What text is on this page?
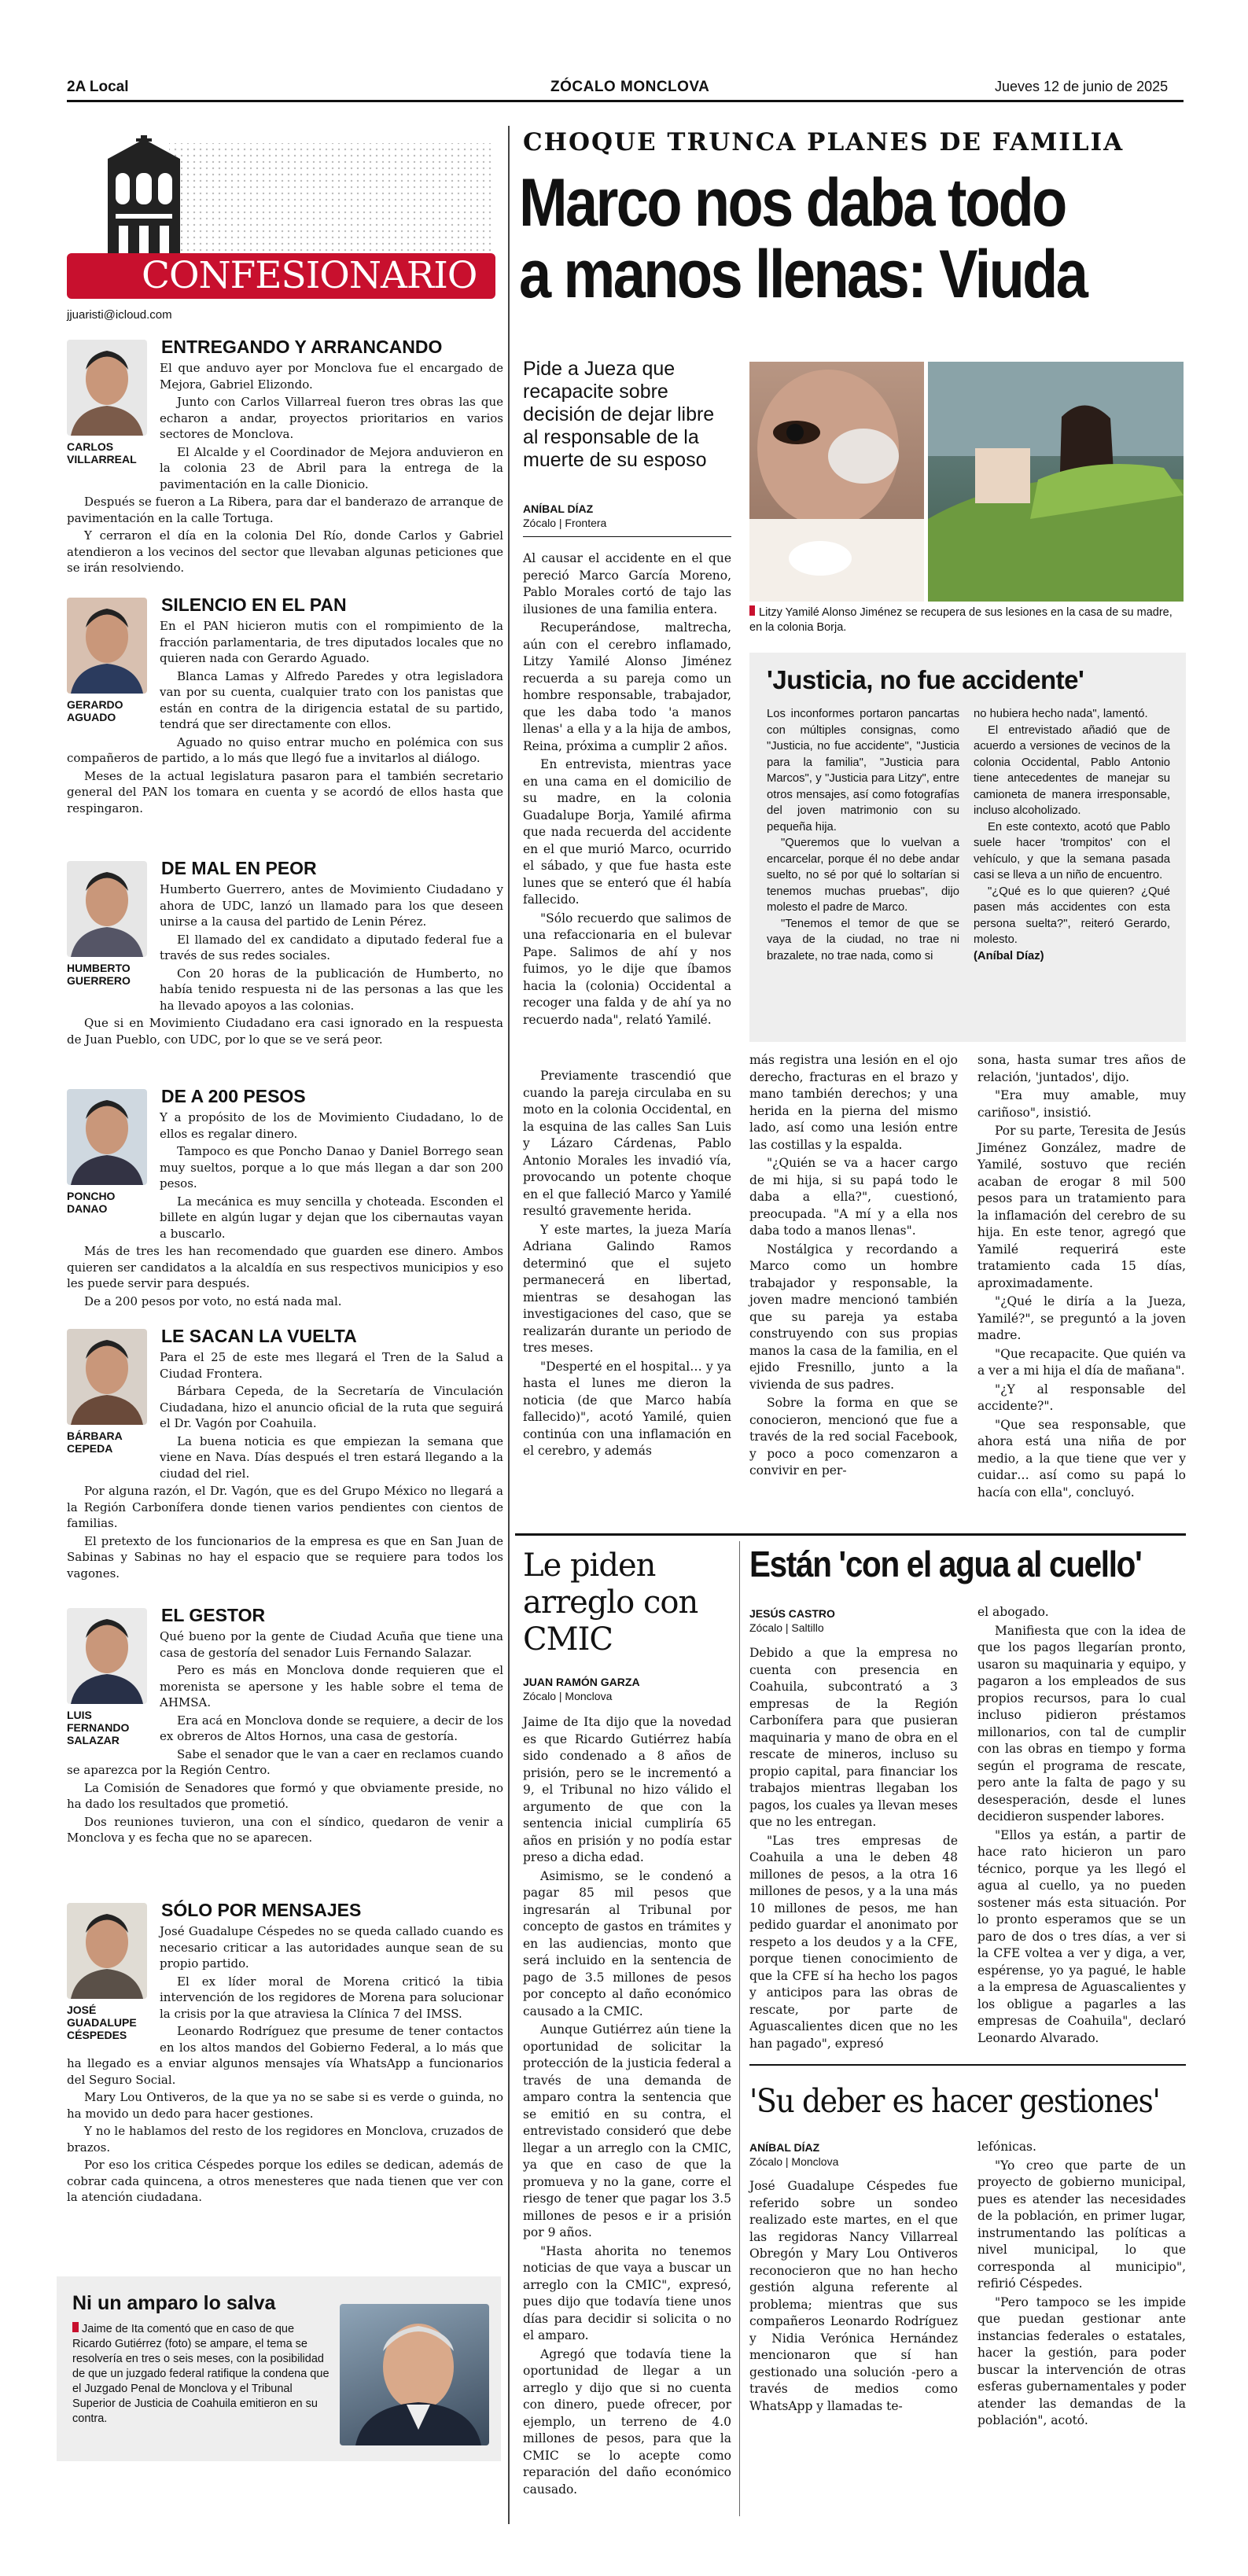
2A Local	ZÓCALO MONCLOVA	Jueves 12 de junio de 2025
CONFESIONARIO
jjuaristi@icloud.com
CARLOS VILLARREAL
ENTREGANDO Y ARRANCANDO

El que anduvo ayer por Monclova fue el encargado de Mejora, Gabriel Elizondo.

Junto con Carlos Villarreal fueron tres obras las que echaron a andar, proyectos prioritarios en varios sectores de Monclova.

El Alcalde y el Coordinador de Mejora anduvieron en la colonia 23 de Abril para la entrega de la pavimentación en la calle Dionicio.

Después se fueron a La Ribera, para dar el banderazo de arranque de pavimentación en la calle Tortuga.

Y cerraron el día en la colonia Del Río, donde Carlos y Gabriel atendieron a los vecinos del sector que llevaban algunas peticiones que se irán resolviendo.

GERARDO AGUADO
SILENCIO EN EL PAN

En el PAN hicieron mutis con el rompimiento de la fracción parlamentaria, de tres diputados locales que no quieren nada con Gerardo Aguado.

Blanca Lamas y Alfredo Paredes y otra legisladora van por su cuenta, cualquier trato con los panistas que están en contra de la dirigencia estatal de su partido, tendrá que ser directamente con ellos.

Aguado no quiso entrar mucho en polémica con sus compañeros de partido, a lo más que llegó fue a invitarlos al diálogo.

Meses de la actual legislatura pasaron para el también secretario general del PAN los tomara en cuenta y se acordó de ellos hasta que respingaron.

HUMBERTO GUERRERO
DE MAL EN PEOR

Humberto Guerrero, antes de Movimiento Ciudadano y ahora de UDC, lanzó un llamado para los que deseen unirse a la causa del partido de Lenin Pérez.

El llamado del ex candidato a diputado federal fue a través de sus redes sociales.

Con 20 horas de la publicación de Humberto, no había tenido respuesta ni de las personas a las que les ha llevado apoyos a las colonias.

Que si en Movimiento Ciudadano era casi ignorado en la respuesta de Juan Pueblo, con UDC, por lo que se ve será peor.

PONCHO DANAO
DE A 200 PESOS

Y a propósito de los de Movimiento Ciudadano, lo de ellos es regalar dinero.

Tampoco es que Poncho Danao y Daniel Borrego sean muy sueltos, porque a lo que más llegan a dar son 200 pesos.

La mecánica es muy sencilla y choteada. Esconden el billete en algún lugar y dejan que los cibernautas vayan a buscarlo.

Más de tres les han recomendado que guarden ese dinero. Ambos quieren ser candidatos a la alcaldía en sus respectivos municipios y eso les puede servir para después.

De a 200 pesos por voto, no está nada mal.

BÁRBARA CEPEDA
LE SACAN LA VUELTA

Para el 25 de este mes llegará el Tren de la Salud a Ciudad Frontera.

Bárbara Cepeda, de la Secretaría de Vinculación Ciudadana, hizo el anuncio oficial de la ruta que seguirá el Dr. Vagón por Coahuila.

La buena noticia es que empiezan la semana que viene en Nava. Días después el tren estará llegando a la ciudad del riel.

Por alguna razón, el Dr. Vagón, que es del Grupo México no llegará a la Región Carbonífera donde tienen varios pendientes con cientos de familias.

El pretexto de los funcionarios de la empresa es que en San Juan de Sabinas y Sabinas no hay el espacio que se requiere para todos los vagones.

LUIS FERNANDO SALAZAR
EL GESTOR

Qué bueno por la gente de Ciudad Acuña que tiene una casa de gestoría del senador Luis Fernando Salazar.

Pero es más en Monclova donde requieren que el morenista se apersone y les hable sobre el tema de AHMSA.

Era acá en Monclova donde se requiere, a decir de los ex obreros de Altos Hornos, una casa de gestoría.

Sabe el senador que le van a caer en reclamos cuando se aparezca por la Región Centro.

La Comisión de Senadores que formó y que obviamente preside, no ha dado los resultados que prometió.

Dos reuniones tuvieron, una con el síndico, quedaron de venir a Monclova y es fecha que no se aparecen.

JOSÉ GUADALUPE CÉSPEDES
SÓLO POR MENSAJES

José Guadalupe Céspedes no se queda callado cuando es necesario criticar a las autoridades aunque sean de su propio partido.

El ex líder moral de Morena criticó la tibia intervención de los regidores de Morena para solucionar la crisis por la que atraviesa la Clínica 7 del IMSS.

Leonardo Rodríguez que presume de tener contactos en los altos mandos del Gobierno Federal, a lo más que ha llegado es a enviar algunos mensajes vía WhatsApp a funcionarios del Seguro Social.

Mary Lou Ontiveros, de la que ya no se sabe si es verde o guinda, no ha movido un dedo para hacer gestiones.

Y no le hablamos del resto de los regidores en Monclova, cruzados de brazos.

Por eso los critica Céspedes porque los ediles se dedican, además de cobrar cada quincena, a otros menesteres que nada tienen que ver con la atención ciudadana.

Ni un amparo lo salva
Jaime de Ita comentó que en caso de que Ricardo Gutiérrez (foto) se ampare, el tema se resolvería en tres o seis meses, con la posibilidad de que un juzgado federal ratifique la condena que el Juzgado Penal de Monclova y el Tribunal Superior de Justicia de Coahuila emitieron en su contra.
CHOQUE TRUNCA PLANES DE FAMILIA
Marco nos daba todo
a manos llenas: Viuda
Pide a Jueza que recapacite sobre decisión de dejar libre al responsable de la muerte de su esposo
ANÍBAL DÍAZ
Zócalo | Frontera
Litzy Yamilé Alonso Jiménez se recupera de sus lesiones en la casa de su madre, en la colonia Borja.

Al causar el accidente en el que pereció Marco García Moreno, Pablo Morales cortó de tajo las ilusiones de una familia entera.

Recuperándose, maltrecha, aún con el cerebro inflamado, Litzy Yamilé Alonso Jiménez recuerda a su pareja como un hombre responsable, trabajador, que les daba todo 'a manos llenas' a ella y a la hija de ambos, Reina, próxima a cumplir 2 años.

En entrevista, mientras yace en una cama en el domicilio de su madre, en la colonia Guadalupe Borja, Yamilé afirma que nada recuerda del accidente en el que murió Marco, ocurrido el sábado, y que fue hasta este lunes que se enteró que él había fallecido.

"Sólo recuerdo que salimos de una refaccionaria en el bulevar Pape. Salimos de ahí y nos fuimos, yo le dije que íbamos hacia la (colonia) Occidental a recoger una falda y de ahí ya no recuerdo nada", relató Yamilé.

Previamente trascendió que cuando la pareja circulaba en su moto en la colonia Occidental, en la esquina de las calles San Luis y Lázaro Cárdenas, Pablo Antonio Morales les invadió vía, provocando un potente choque en el que falleció Marco y Yamilé resultó gravemente herida.

Y este martes, la jueza María Adriana Galindo Ramos determinó que el sujeto permanecerá en libertad, mientras se desahogan las investigaciones del caso, que se realizarán durante un periodo de tres meses.

"Desperté en el hospital… y ya hasta el lunes me dieron la noticia (de que Marco había fallecido)", acotó Yamilé, quien continúa con una inflamación en el cerebro, y además

más registra una lesión en el ojo derecho, fracturas en el brazo y mano también derechos; y una herida en la pierna del mismo lado, así como una lesión entre las costillas y la espalda.

"¿Quién se va a hacer cargo de mi hija, si su papá todo le daba a ella?", cuestionó, preocupada. "A mí y a ella nos daba todo a manos llenas".

Nostálgica y recordando a Marco como un hombre trabajador y responsable, la joven madre mencionó también que su pareja ya estaba construyendo con sus propias manos la casa de la familia, en el ejido Fresnillo, junto a la vivienda de sus padres.

Sobre la forma en que se conocieron, mencionó que fue a través de la red social Facebook, y poco a poco comenzaron a convivir en per-

sona, hasta sumar tres años de relación, 'juntados', dijo.

"Era muy amable, muy cariñoso", insistió.

Por su parte, Teresita de Jesús Jiménez González, madre de Yamilé, sostuvo que recién acaban de erogar 8 mil 500 pesos para un tratamiento para la inflamación del cerebro de su hija. En este tenor, agregó que Yamilé requerirá este tratamiento cada 15 días, aproximadamente.

"¿Qué le diría a la Jueza, Yamilé?", se preguntó a la joven madre.

"Que recapacite. Que quién va a ver a mi hija el día de mañana".

"¿Y al responsable del accidente?".

"Que sea responsable, que ahora está una niña de por medio, a la que tiene que ver y cuidar… así como su papá lo hacía con ella", concluyó.

'Justicia, no fue accidente'

Los inconformes portaron pancartas con múltiples consignas, como "Justicia, no fue accidente", "Justicia para la familia", "Justicia para Marcos", y "Justicia para Litzy", entre otros mensajes, así como fotografías del joven matrimonio con su pequeña hija.

"Queremos que lo vuelvan a encarcelar, porque él no debe andar suelto, no sé por qué lo soltarían si tenemos muchas pruebas", dijo molesto el padre de Marco.

"Tenemos el temor de que se vaya de la ciudad, no trae ni brazalete, no trae nada, como si

no hubiera hecho nada", lamentó.

El entrevistado añadió que de acuerdo a versiones de vecinos de la colonia Occidental, Pablo Antonio tiene antecedentes de manejar su camioneta de manera irresponsable, incluso alcoholizado.

En este contexto, acotó que Pablo suele hacer 'trompitos' con el vehículo, y que la semana pasada casi se lleva a un niño de encuentro.

"¿Qué es lo que quieren? ¿Qué pasen más accidentes con esta persona suelta?", reiteró Gerardo, molesto.

(Aníbal Díaz)

Le piden arreglo con CMIC
JUAN RAMÓN GARZA
Zócalo | Monclova

Jaime de Ita dijo que la novedad es que Ricardo Gutiérrez había sido condenado a 8 años de prisión, pero se le incrementó a 9, el Tribunal no hizo válido el argumento de que con la sentencia inicial cumpliría 65 años en prisión y no podía estar preso a dicha edad.

Asimismo, se le condenó a pagar 85 mil pesos que ingresarán al Tribunal por concepto de gastos en trámites y en las audiencias, monto que será incluido en la sentencia de pago de 3.5 millones de pesos por concepto al daño económico causado a la CMIC.

Aunque Gutiérrez aún tiene la oportunidad de solicitar la protección de la justicia federal a través de una demanda de amparo contra la sentencia que se emitió en su contra, el entrevistado consideró que debe llegar a un arreglo con la CMIC, ya que en caso de que la promueva y no la gane, corre el riesgo de tener que pagar los 3.5 millones de pesos e ir a prisión por 9 años.

"Hasta ahorita no tenemos noticias de que vaya a buscar un arreglo con la CMIC", expresó, pues dijo que todavía tiene unos días para decidir si solicita o no el amparo.

Agregó que todavía tiene la oportunidad de llegar a un arreglo y dijo que si no cuenta con dinero, puede ofrecer, por ejemplo, un terreno de 4.0 millones de pesos, para que la CMIC se lo acepte como reparación del daño económico causado.

Están 'con el agua al cuello'
JESÚS CASTRO
Zócalo | Saltillo

Debido a que la empresa no cuenta con presencia en Coahuila, subcontrató a 3 empresas de la Región Carbonífera para que pusieran maquinaria y mano de obra en el rescate de mineros, incluso su propio capital, para financiar los trabajos mientras llegaban los pagos, los cuales ya llevan meses que no les entregan.

"Las tres empresas de Coahuila a una le deben 48 millones de pesos, a la otra 16 millones de pesos, y a la una más 10 millones de pesos, me han pedido guardar el anonimato por respeto a los deudos y a la CFE, porque tienen conocimiento de que la CFE sí ha hecho los pagos y anticipos para las obras de rescate, por parte de Aguascalientes dicen que no les han pagado", expresó

el abogado.

Manifiesta que con la idea de que los pagos llegarían pronto, usaron su maquinaria y equipo, y pagaron a los empleados de sus propios recursos, para lo cual incluso pidieron préstamos millonarios, con tal de cumplir con las obras en tiempo y forma según el programa de rescate, pero ante la falta de pago y su desesperación, desde el lunes decidieron suspender labores.

"Ellos ya están, a partir de hace rato hicieron un paro técnico, porque ya les llegó el agua al cuello, ya no pueden sostener más esta situación. Por lo pronto esperamos que se un paro de dos o tres días, a ver si la CFE voltea a ver y diga, a ver, espérense, yo ya pagué, le hable a la empresa de Aguascalientes y los obligue a pagarles a las empresas de Coahuila", declaró Leonardo Alvarado.

'Su deber es hacer gestiones'
ANÍBAL DÍAZ
Zócalo | Monclova

José Guadalupe Céspedes fue referido sobre un sondeo realizado este martes, en el que las regidoras Nancy Villarreal Obregón y Mary Lou Ontiveros reconocieron que no han hecho gestión alguna referente al problema; mientras que sus compañeros Leonardo Rodríguez y Nidia Verónica Hernández mencionaron que sí han gestionado una solución -pero a través de medios como WhatsApp y llamadas te-

lefónicas.

"Yo creo que parte de un proyecto de gobierno municipal, pues es atender las necesidades de la población, en primer lugar, instrumentando las políticas a nivel municipal, lo que corresponda al municipio", refirió Céspedes.

"Pero tampoco se les impide que puedan gestionar ante instancias federales o estatales, hacer la gestión, para poder buscar la intervención de otras esferas gubernamentales y poder atender las demandas de la población", acotó.
